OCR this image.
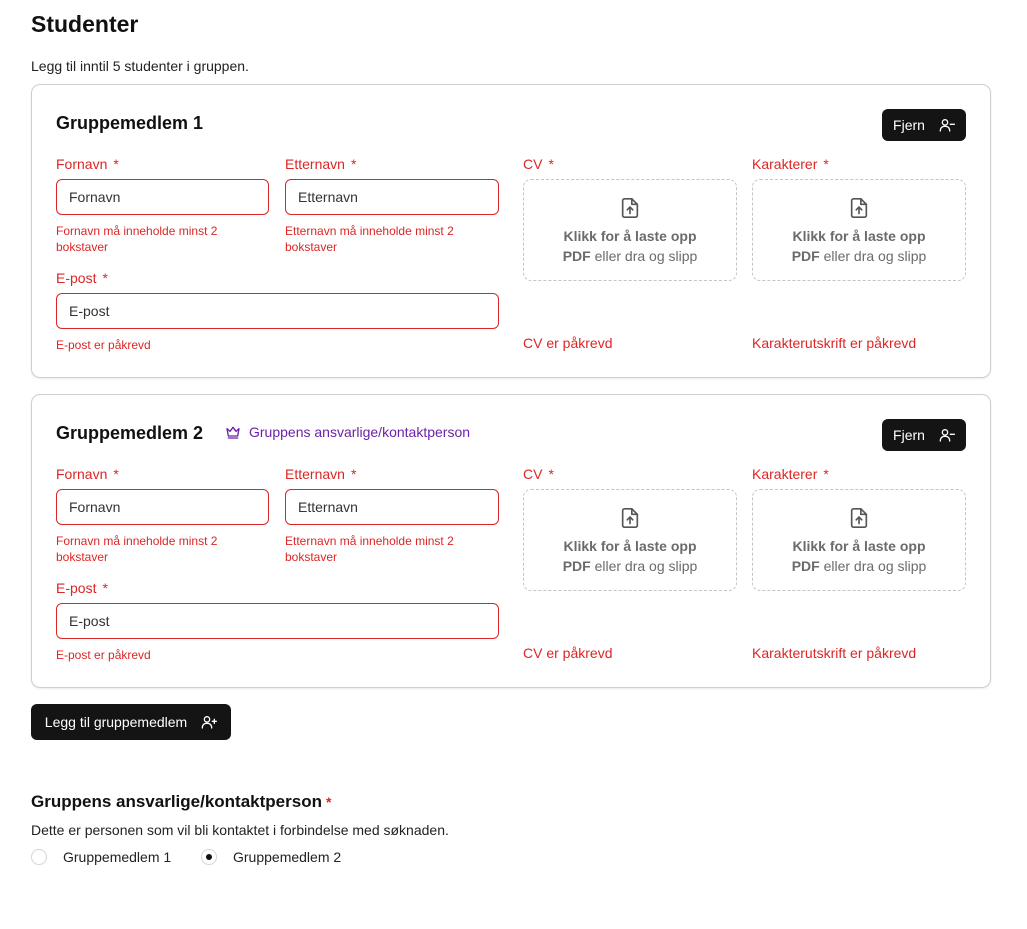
Studenter

Legg til inntil 5 studenter i gruppen.

Gruppemedlem 1	Fjern
Fornavn *
Fornavn
Fornavn må inneholde minst 2 bokstaver
Etternavn *
Etternavn
Etternavn må inneholde minst 2 bokstaver
E-post *
E-post
E-post er påkrevd
CV *
Klikk for å laste opp
PDF eller dra og slipp
CV er påkrevd
Karakterer *
Klikk for å laste opp
PDF eller dra og slipp
Karakterutskrift er påkrevd
Gruppemedlem 2	Gruppens ansvarlige/kontaktperson	Fjern
Fornavn *
Fornavn
Fornavn må inneholde minst 2 bokstaver
Etternavn *
Etternavn
Etternavn må inneholde minst 2 bokstaver
E-post *
E-post
E-post er påkrevd
CV *
Klikk for å laste opp
PDF eller dra og slipp
CV er påkrevd
Karakterer *
Klikk for å laste opp
PDF eller dra og slipp
Karakterutskrift er påkrevd
Legg til gruppemedlem
Gruppens ansvarlige/kontaktperson *

Dette er personen som vil bli kontaktet i forbindelse med søknaden.

Gruppemedlem 1	Gruppemedlem 2
